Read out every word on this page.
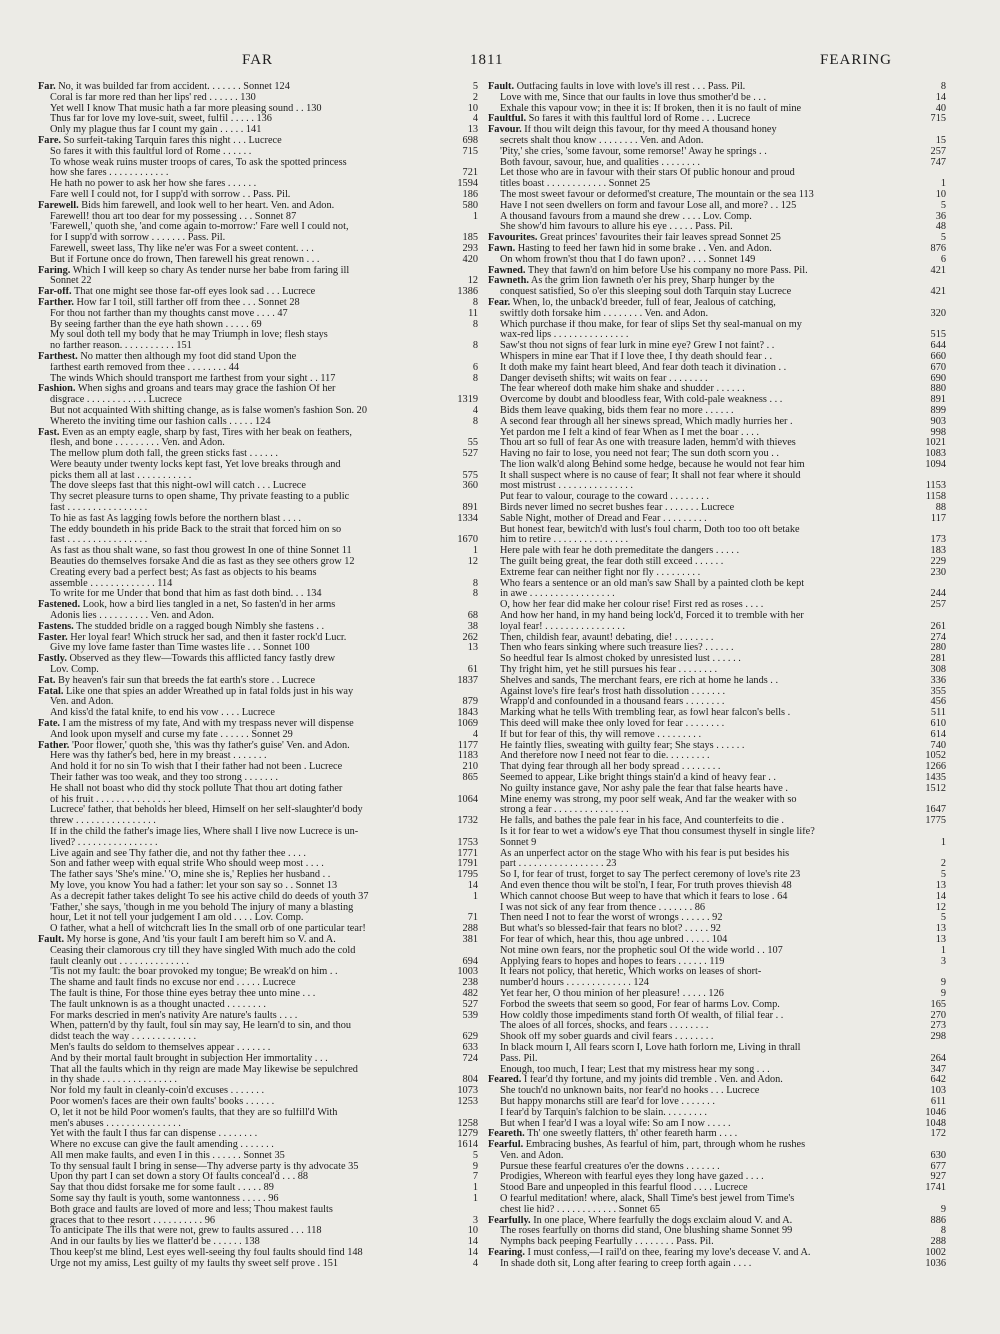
FAR	1811	FEARING
Far. No, it was builded far from accident. . . . . . . Sonnet 124	5
Coral is far more red than her lips' red . . . . . . 130	2
Yet well I know That music hath a far more pleasing sound . . 130	10
Thus far for love my love-suit, sweet, fulfil . . . . . 136	4
Only my plague thus far I count my gain . . . . . 141	13
Fare. So surfeit-taking Tarquin fares this night . . . Lucrece	698
So fares it with this faultful lord of Rome . . . . . .	715
To whose weak ruins muster troops of cares, To ask the spotted princess
how she fares . . . . . . . . . . . .	721
He hath no power to ask her how she fares . . . . . .	1594
Fare well I could not, for I supp'd with sorrow . . Pass. Pil.	186
Farewell. Bids him farewell, and look well to her heart. Ven. and Adon.	580
Farewell! thou art too dear for my possessing . . . Sonnet 87	1
'Farewell,' quoth she, 'and come again to-morrow:' Fare well I could not,
for I supp'd with sorrow . . . . . . . Pass. Pil.	185
Farewell, sweet lass, Thy like ne'er was For a sweet content. . . .	293
But if Fortune once do frown, Then farewell his great renown . . .	420
Faring. Which I will keep so chary As tender nurse her babe from faring ill
Sonnet 22	12
Far-off. That one might see those far-off eyes look sad . . . Lucrece	1386
Farther. How far I toil, still farther off from thee . . . Sonnet 28	8
For thou not farther than my thoughts canst move . . . . 47	11
By seeing farther than the eye hath shown . . . . . 69	8
My soul doth tell my body that he may Triumph in love; flesh stays
no farther reason. . . . . . . . . . . 151	8
Farthest. No matter then although my foot did stand Upon the
farthest earth removed from thee . . . . . . . . 44	6
The winds Which should transport me farthest from your sight . . 117	8
Fashion. When sighs and groans and tears may grace the fashion Of her
disgrace . . . . . . . . . . . . Lucrece	1319
But not acquainted With shifting change, as is false women's fashion Son. 20	4
Whereto the inviting time our fashion calls . . . . . 124	8
Fast. Even as an empty eagle, sharp by fast, Tires with her beak on feathers,
flesh, and bone . . . . . . . . . Ven. and Adon.	55
The mellow plum doth fall, the green sticks fast . . . . . .	527
Were beauty under twenty locks kept fast, Yet love breaks through and
picks them all at last . . . . . . . . . . .	575
The dove sleeps fast that this night-owl will catch . . . Lucrece	360
Thy secret pleasure turns to open shame, Thy private feasting to a public
fast . . . . . . . . . . . . . . . .	891
To hie as fast As lagging fowls before the northern blast . . . .	1334
The eddy boundeth in his pride Back to the strait that forced him on so
fast . . . . . . . . . . . . . . . .	1670
As fast as thou shalt wane, so fast thou growest In one of thine Sonnet 11	1
Beauties do themselves forsake And die as fast as they see others grow 12	12
Creating every bad a perfect best; As fast as objects to his beams
assemble . . . . . . . . . . . . . 114	8
To write for me Under that bond that him as fast doth bind. . . 134	8
Fastened. Look, how a bird lies tangled in a net, So fasten'd in her arms
Adonis lies . . . . . . . . . . Ven. and Adon.	68
Fastens. The studded bridle on a ragged bough Nimbly she fastens . .	38
Faster. Her loyal fear! Which struck her sad, and then it faster rock'd Lucr.	262
Give my love fame faster than Time wastes life . . . Sonnet 100	13
Fastly. Observed as they flew—Towards this afflicted fancy fastly drew
Lov. Comp.	61
Fat. By heaven's fair sun that breeds the fat earth's store . . Lucrece	1837
Fatal. Like one that spies an adder Wreathed up in fatal folds just in his way
Ven. and Adon.	879
And kiss'd the fatal knife, to end his vow . . . . Lucrece	1843
Fate. I am the mistress of my fate, And with my trespass never will dispense	1069
And look upon myself and curse my fate . . . . . . Sonnet 29	4
Father. 'Poor flower,' quoth she, 'this was thy father's guise' Ven. and Adon.	1177
Here was thy father's bed, here in my breast . . . . . . .	1183
And hold it for no sin To wish that I their father had not been . Lucrece	210
Their father was too weak, and they too strong . . . . . . .	865
He shall not boast who did thy stock pollute That thou art doting father
of his fruit . . . . . . . . . . . . . . .	1064
Lucrece' father, that beholds her bleed, Himself on her self-slaughter'd body
threw . . . . . . . . . . . . . . . .	1732
If in the child the father's image lies, Where shall I live now Lucrece is un-
lived? . . . . . . . . . . . . . . . .	1753
Live again and see Thy father die, and not thy father thee . . . .	1771
Son and father weep with equal strife Who should weep most . . . .	1791
The father says 'She's mine.' 'O, mine she is,' Replies her husband . .	1795
My love, you know You had a father: let your son say so . . Sonnet 13	14
As a decrepit father takes delight To see his active child do deeds of youth 37	1
'Father,' she says, 'though in me you behold The injury of many a blasting
hour, Let it not tell your judgement I am old . . . . Lov. Comp.	71
O father, what a hell of witchcraft lies In the small orb of one particular tear!	288
Fault. My horse is gone, And 'tis your fault I am bereft him so V. and A.	381
Ceasing their clamorous cry till they have singled With much ado the cold
fault cleanly out . . . . . . . . . . . . . .	694
'Tis not my fault: the boar provoked my tongue; Be wreak'd on him . .	1003
The shame and fault finds no excuse nor end . . . . . Lucrece	238
The fault is thine, For those thine eyes betray thee unto mine . . .	482
The fault unknown is as a thought unacted . . . . . . . .	527
For marks descried in men's nativity Are nature's faults . . . .	539
When, pattern'd by thy fault, foul sin may say, He learn'd to sin, and thou
didst teach the way . . . . . . . . . . . . .	629
Men's faults do seldom to themselves appear . . . . . . .	633
And by their mortal fault brought in subjection Her immortality . . .	724
That all the faults which in thy reign are made May likewise be sepulchred
in thy shade . . . . . . . . . . . . . . .	804
Nor fold my fault in cleanly-coin'd excuses . . . . . . .	1073
Poor women's faces are their own faults' books . . . . . .	1253
O, let it not be hild Poor women's faults, that they are so fulfill'd With
men's abuses . . . . . . . . . . . . . . .	1258
Yet with the fault I thus far can dispense . . . . . . . .	1279
Where no excuse can give the fault amending . . . . . . .	1614
All men make faults, and even I in this . . . . . . Sonnet 35	5
To thy sensual fault I bring in sense—Thy adverse party is thy advocate 35	9
Upon thy part I can set down a story Of faults conceal'd . . . 88	7
Say that thou didst forsake me for some fault . . . . . 89	1
Some say thy fault is youth, some wantonness . . . . . 96	1
Both grace and faults are loved of more and less; Thou makest faults
graces that to thee resort . . . . . . . . . . 96	3
To anticipate The ills that were not, grew to faults assured . . . 118	10
And in our faults by lies we flatter'd be . . . . . . 138	14
Thou keep'st me blind, Lest eyes well-seeing thy foul faults should find 148	14
Urge not my amiss, Lest guilty of my faults thy sweet self prove . 151	4
Fault. Outfacing faults in love with love's ill rest . . . Pass. Pil.	8
Love with me, Since that our faults in love thus smother'd be . . .	14
Exhale this vapour vow; in thee it is: If broken, then it is no fault of mine	40
Faultful. So fares it with this faultful lord of Rome . . . Lucrece	715
Favour. If thou wilt deign this favour, for thy meed A thousand honey
secrets shalt thou know . . . . . . . . Ven. and Adon.	15
'Pity,' she cries, 'some favour, some remorse!' Away he springs . .	257
Both favour, savour, hue, and qualities . . . . . . . .	747
Let those who are in favour with their stars Of public honour and proud
titles boast . . . . . . . . . . . . Sonnet 25	1
The most sweet favour or deformed'st creature, The mountain or the sea 113	10
Have I not seen dwellers on form and favour Lose all, and more? . . 125	5
A thousand favours from a maund she drew . . . . Lov. Comp.	36
She show'd him favours to allure his eye . . . . . Pass. Pil.	48
Favourites. Great princes' favourites their fair leaves spread Sonnet 25	5
Fawn. Hasting to feed her fawn hid in some brake . . Ven. and Adon.	876
On whom frown'st thou that I do fawn upon? . . . . Sonnet 149	6
Fawned. They that fawn'd on him before Use his company no more Pass. Pil.	421
Fawneth. As the grim lion fawneth o'er his prey, Sharp hunger by the
conquest satisfied, So o'er this sleeping soul doth Tarquin stay Lucrece	421
Fear. When, lo, the unback'd breeder, full of fear, Jealous of catching,
swiftly doth forsake him . . . . . . . . Ven. and Adon.	320
Which purchase if thou make, for fear of slips Set thy seal-manual on my
wax-red lips . . . . . . . . . . . . . . .	515
Saw'st thou not signs of fear lurk in mine eye? Grew I not faint? . .	644
Whispers in mine ear That if I love thee, I thy death should fear . .	660
It doth make my faint heart bleed, And fear doth teach it divination . .	670
Danger deviseth shifts; wit waits on fear . . . . . . . .	690
The fear whereof doth make him shake and shudder . . . . . .	880
Overcome by doubt and bloodless fear, With cold-pale weakness . . .	891
Bids them leave quaking, bids them fear no more . . . . . .	899
A second fear through all her sinews spread, Which madly hurries her .	903
Yet pardon me I felt a kind of fear When as I met the boar . . . .	998
Thou art so full of fear As one with treasure laden, hemm'd with thieves	1021
Having no fair to lose, you need not fear; The sun doth scorn you . .	1083
The lion walk'd along Behind some hedge, because he would not fear him	1094
It shall suspect where is no cause of fear; It shall not fear where it should
most mistrust . . . . . . . . . . . . . . .	1153
Put fear to valour, courage to the coward . . . . . . . .	1158
Birds never limed no secret bushes fear . . . . . . . Lucrece	88
Sable Night, mother of Dread and Fear . . . . . . . . .	117
But honest fear, bewitch'd with lust's foul charm, Doth too too oft betake
him to retire . . . . . . . . . . . . . . .	173
Here pale with fear he doth premeditate the dangers . . . . .	183
The guilt being great, the fear doth still exceed . . . . . .	229
Extreme fear can neither fight nor fly . . . . . . . . .	230
Who fears a sentence or an old man's saw Shall by a painted cloth be kept
in awe . . . . . . . . . . . . . . . . .	244
O, how her fear did make her colour rise! First red as roses . . . .	257
And how her hand, in my hand being lock'd, Forced it to tremble with her
loyal fear! . . . . . . . . . . . . . . . .	261
Then, childish fear, avaunt! debating, die! . . . . . . . .	274
Then who fears sinking where such treasure lies? . . . . . .	280
So heedful fear Is almost choked by unresisted lust . . . . . .	281
Thy fright him, yet he still pursues his fear . . . . . . . .	308
Shelves and sands, The merchant fears, ere rich at home he lands . .	336
Against love's fire fear's frost hath dissolution . . . . . . .	355
Wrapp'd and confounded in a thousand fears . . . . . . . .	456
Marking what he tells With trembling fear, as fowl hear falcon's bells .	511
This deed will make thee only loved for fear . . . . . . . .	610
If but for fear of this, thy will remove . . . . . . . . .	614
He faintly flies, sweating with guilty fear; She stays . . . . . .	740
And therefore now I need not fear to die. . . . . . . . .	1052
That dying fear through all her body spread . . . . . . . .	1266
Seemed to appear, Like bright things stain'd a kind of heavy fear . .	1435
No guilty instance gave, Nor ashy pale the fear that false hearts have .	1512
Mine enemy was strong, my poor self weak, And far the weaker with so
strong a fear . . . . . . . . . . . . . . .	1647
He falls, and bathes the pale fear in his face, And counterfeits to die .	1775
Is it for fear to wet a widow's eye That thou consumest thyself in single life?
Sonnet 9	1
As an unperfect actor on the stage Who with his fear is put besides his
part . . . . . . . . . . . . . . . . . 23	2
So I, for fear of trust, forget to say The perfect ceremony of love's rite 23	5
And even thence thou wilt be stol'n, I fear, For truth proves thievish 48	13
Which cannot choose But weep to have that which it fears to lose . 64	14
I was not sick of any fear from thence . . . . . . . 86	12
Then need I not to fear the worst of wrongs . . . . . . 92	5
But what's so blessed-fair that fears no blot? . . . . . 92	13
For fear of which, hear this, thou age unbred . . . . . 104	13
Not mine own fears, nor the prophetic soul Of the wide world . . 107	1
Applying fears to hopes and hopes to fears . . . . . . 119	3
It fears not policy, that heretic, Which works on leases of short-
number'd hours . . . . . . . . . . . . . 124	9
Yet fear her, O thou minion of her pleasure! . . . . . 126	9
Forbod the sweets that seem so good, For fear of harms Lov. Comp.	165
How coldly those impediments stand forth Of wealth, of filial fear . .	270
The aloes of all forces, shocks, and fears . . . . . . . .	273
Shook off my sober guards and civil fears . . . . . . . .	298
In black mourn I, All fears scorn I, Love hath forlorn me, Living in thrall
Pass. Pil.	264
Enough, too much, I fear; Lest that my mistress hear my song . . .	347
Feared. I fear'd thy fortune, and my joints did tremble . Ven. and Adon.	642
She touch'd no unknown baits, nor fear'd no hooks . . . Lucrece	103
But happy monarchs still are fear'd for love . . . . . . .	611
I fear'd by Tarquin's falchion to be slain. . . . . . . . .	1046
But when I fear'd I was a loyal wife: So am I now . . . . .	1048
Feareth. Th' one sweetly flatters, th' other feareth harm . . . .	172
Fearful. Embracing bushes, As fearful of him, part, through whom he rushes
Ven. and Adon.	630
Pursue these fearful creatures o'er the downs . . . . . . .	677
Prodigies, Whereon with fearful eyes they long have gazed . . . .	927
Stood Bare and unpeopled in this fearful flood . . . . Lucrece	1741
O fearful meditation! where, alack, Shall Time's best jewel from Time's
chest lie hid? . . . . . . . . . . . . Sonnet 65	9
Fearfully. In one place, Where fearfully the dogs exclaim aloud V. and A.	886
The roses fearfully on thorns did stand, One blushing shame Sonnet 99	8
Nymphs back peeping Fearfully . . . . . . . . Pass. Pil.	288
Fearing. I must confess,—I rail'd on thee, fearing my love's decease V. and A.	1002
In shade doth sit, Long after fearing to creep forth again . . . .	1036
